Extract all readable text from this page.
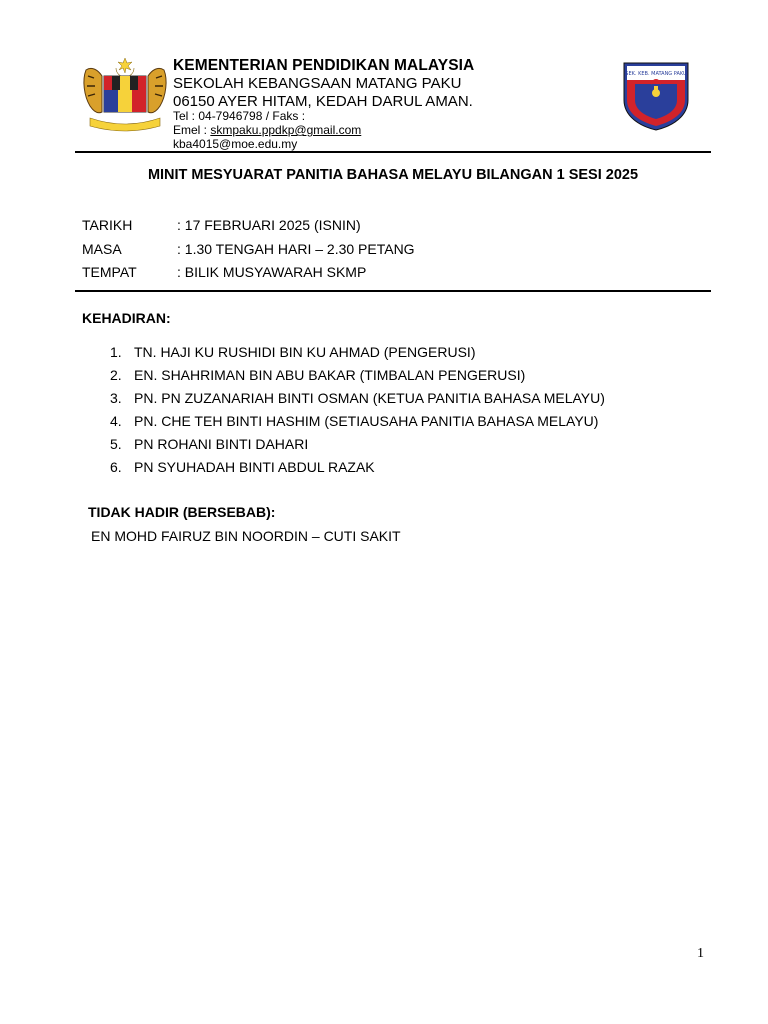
SEK. KEB. MATANG PAKU
KEMENTERIAN PENDIDIKAN MALAYSIA
SEKOLAH KEBANGSAAN MATANG PAKU
06150 AYER HITAM, KEDAH DARUL AMAN.
Tel : 04-7946798 / Faks :
Emel : skmpaku.ppdkp@gmail.com
kba4015@moe.edu.my
MINIT MESYUARAT PANITIA BAHASA MELAYU BILANGAN 1 SESI 2025
TARIKH	: 17 FEBRUARI 2025 (ISNIN)
MASA	: 1.30 TENGAH HARI – 2.30 PETANG
TEMPAT	: BILIK MUSYAWARAH SKMP
KEHADIRAN:
1. TN. HAJI KU RUSHIDI BIN KU AHMAD (PENGERUSI)
2. EN. SHAHRIMAN BIN ABU BAKAR (TIMBALAN PENGERUSI)
3. PN. PN ZUZANARIAH BINTI OSMAN (KETUA PANITIA BAHASA MELAYU)
4. PN. CHE TEH BINTI HASHIM (SETIAUSAHA PANITIA BAHASA MELAYU)
5. PN ROHANI BINTI DAHARI
6. PN SYUHADAH BINTI ABDUL RAZAK
TIDAK HADIR (BERSEBAB):
EN MOHD FAIRUZ BIN NOORDIN – CUTI SAKIT
1
